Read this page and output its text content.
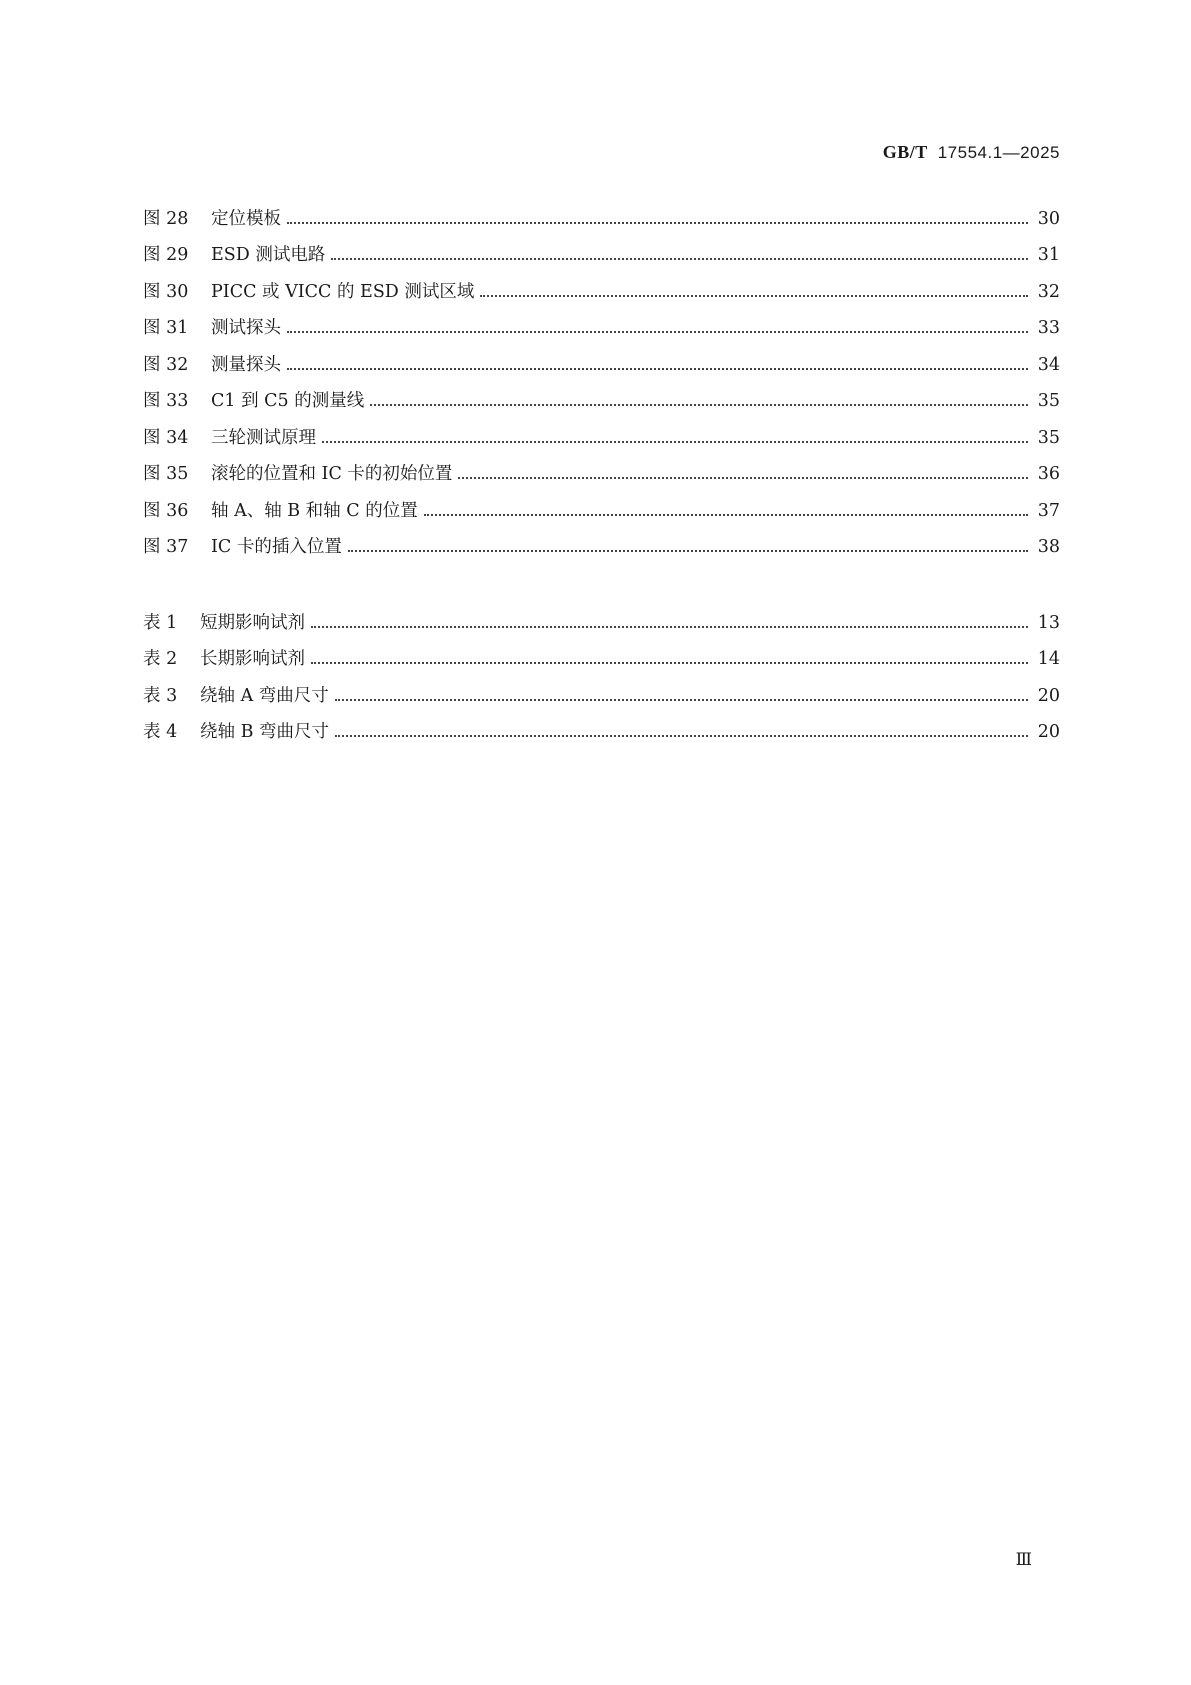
GB/T 17554.1—2025
图 28	定位模板	30
图 29	ESD 测试电路	31
图 30	PICC 或 VICC 的 ESD 测试区域	32
图 31	测试探头	33
图 32	测量探头	34
图 33	C1 到 C5 的测量线	35
图 34	三轮测试原理	35
图 35	滚轮的位置和 IC 卡的初始位置	36
图 36	轴 A、轴 B 和轴 C 的位置	37
图 37	IC 卡的插入位置	38
表 1	短期影响试剂	13
表 2	长期影响试剂	14
表 3	绕轴 A 弯曲尺寸	20
表 4	绕轴 B 弯曲尺寸	20
Ⅲ
